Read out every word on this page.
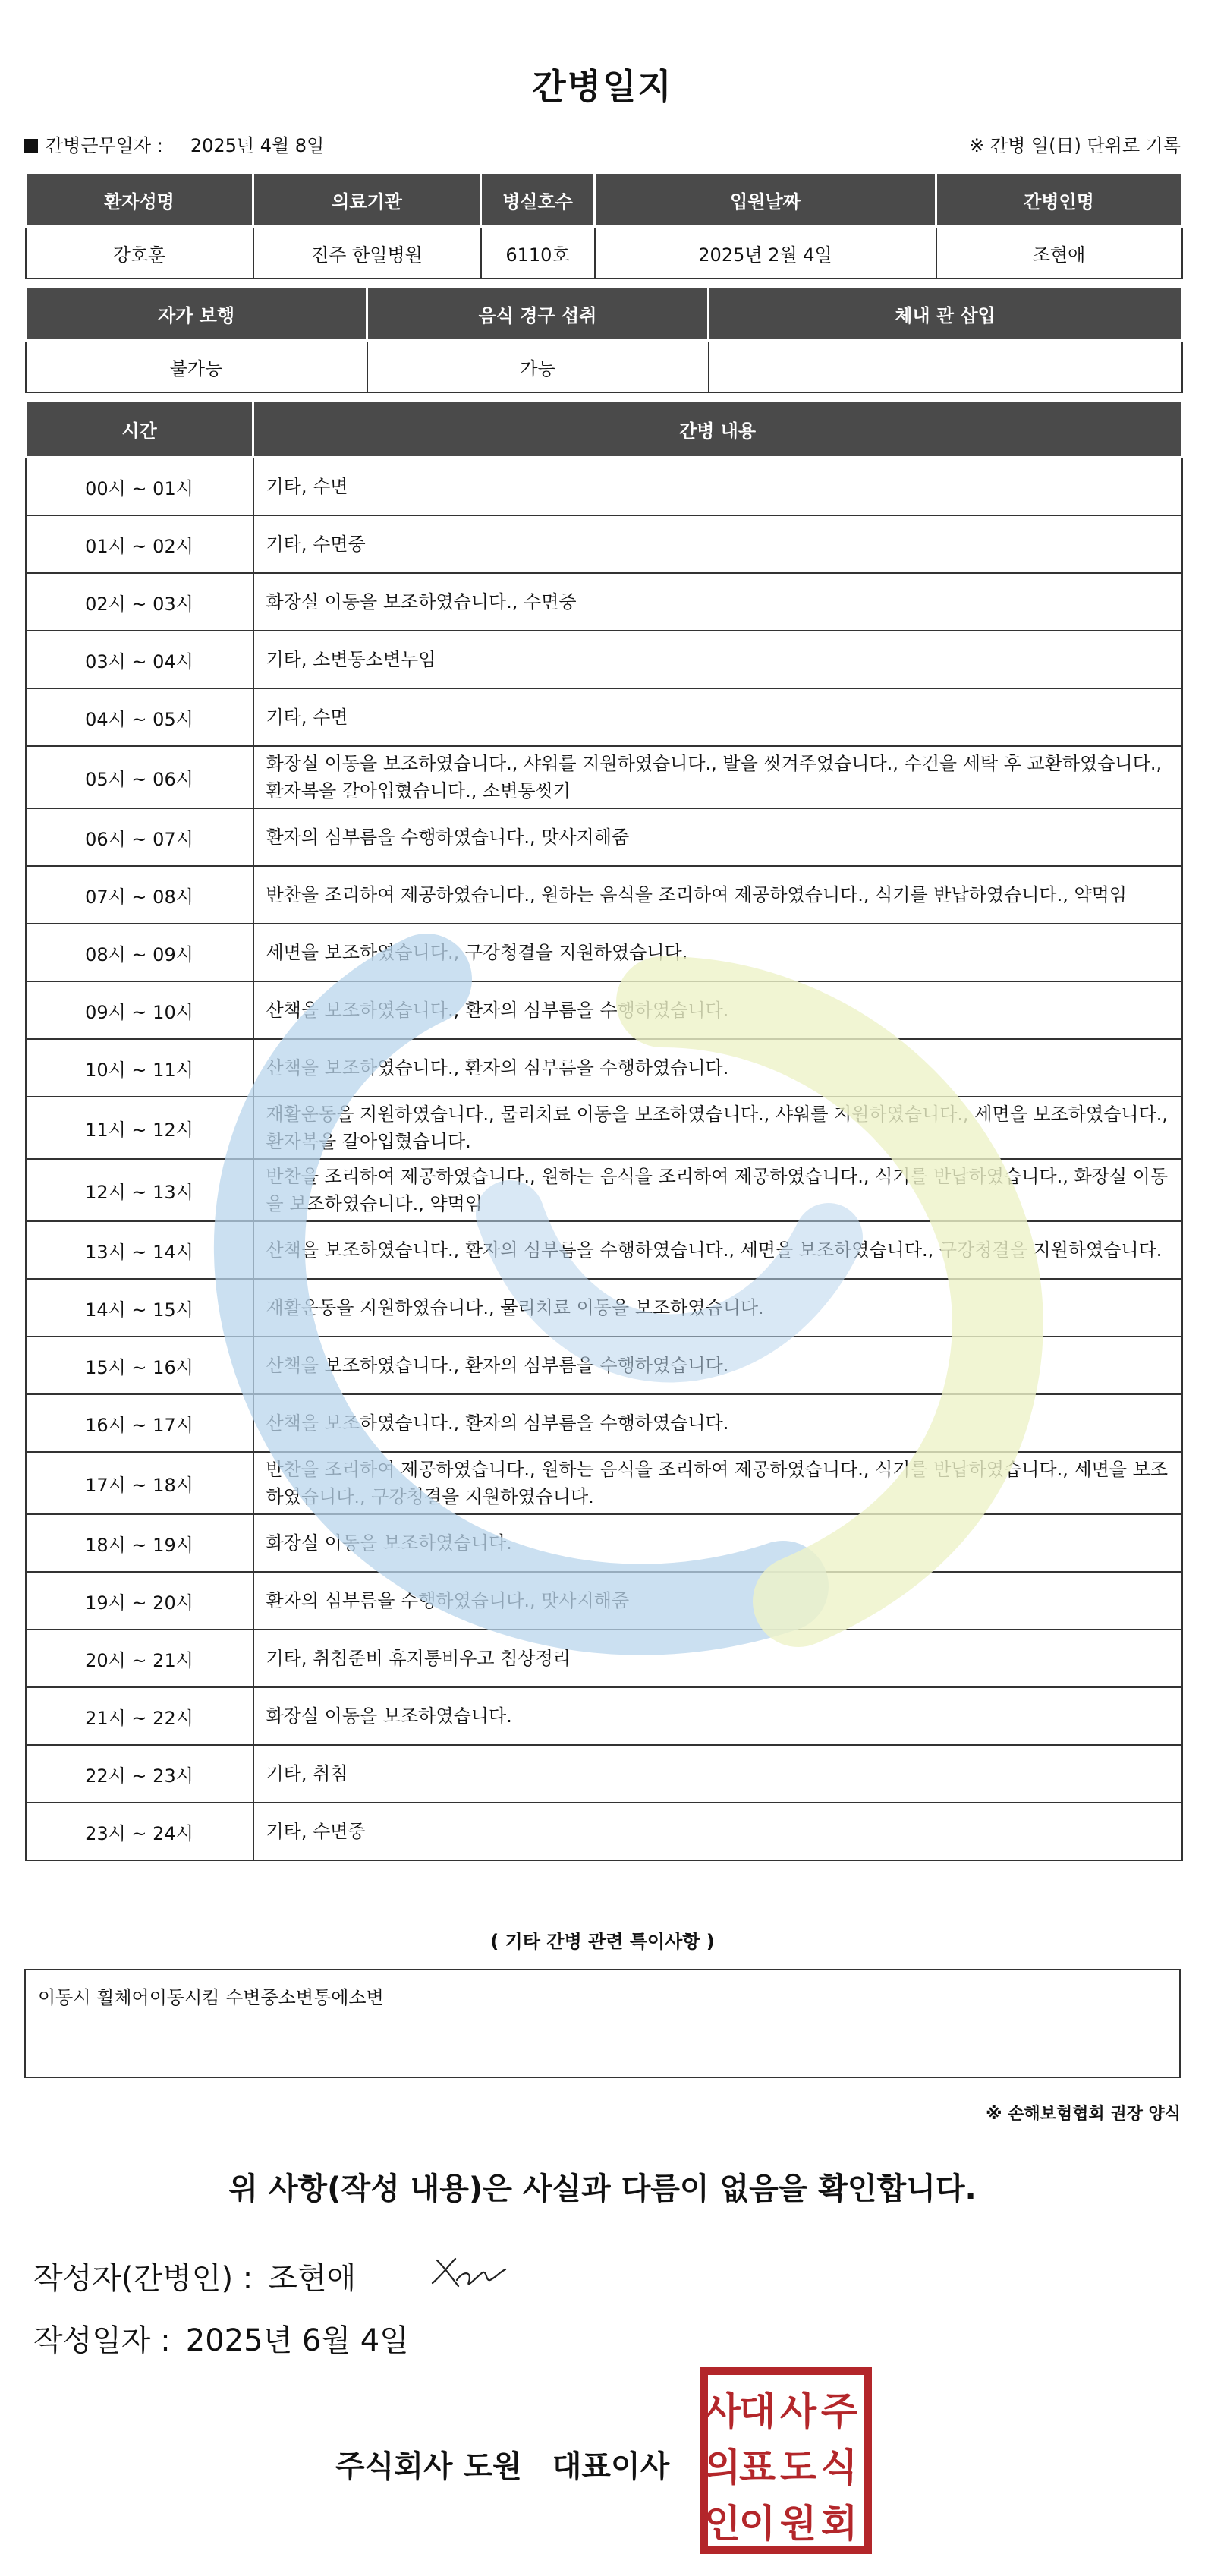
간병일지
간병근무일자 : 2025년 4월 8일	※ 간병 일(日) 단위로 기록
환자성명	의료기관	병실호수	입원날짜	간병인명
강호훈	진주 한일병원	6110호	2025년 2월 4일	조현애
자가 보행	음식 경구 섭취	체내 관 삽입
불가능	가능	
시간	간병 내용
00시 ~ 01시	기타, 수면
01시 ~ 02시	기타, 수면중
02시 ~ 03시	화장실 이동을 보조하였습니다., 수면중
03시 ~ 04시	기타, 소변동소변누임
04시 ~ 05시	기타, 수면
05시 ~ 06시	화장실 이동을 보조하였습니다., 샤워를 지원하였습니다., 발을 씻겨주었습니다., 수건을 세탁 후 교환하였습니다., 환자복을 갈아입혔습니다., 소변통씻기
06시 ~ 07시	환자의 심부름을 수행하였습니다., 맛사지해줌
07시 ~ 08시	반찬을 조리하여 제공하였습니다., 원하는 음식을 조리하여 제공하였습니다., 식기를 반납하였습니다., 약먹임
08시 ~ 09시	세면을 보조하였습니다., 구강청결을 지원하였습니다.
09시 ~ 10시	산책을 보조하였습니다., 환자의 심부름을 수행하였습니다.
10시 ~ 11시	산책을 보조하였습니다., 환자의 심부름을 수행하였습니다.
11시 ~ 12시	재활운동을 지원하였습니다., 물리치료 이동을 보조하였습니다., 샤워를 지원하였습니다., 세면을 보조하였습니다., 환자복을 갈아입혔습니다.
12시 ~ 13시	반찬을 조리하여 제공하였습니다., 원하는 음식을 조리하여 제공하였습니다., 식기를 반납하였습니다., 화장실 이동을 보조하였습니다., 약먹임
13시 ~ 14시	산책을 보조하였습니다., 환자의 심부름을 수행하였습니다., 세면을 보조하였습니다., 구강청결을 지원하였습니다.
14시 ~ 15시	재활운동을 지원하였습니다., 물리치료 이동을 보조하였습니다.
15시 ~ 16시	산책을 보조하였습니다., 환자의 심부름을 수행하였습니다.
16시 ~ 17시	산책을 보조하였습니다., 환자의 심부름을 수행하였습니다.
17시 ~ 18시	반찬을 조리하여 제공하였습니다., 원하는 음식을 조리하여 제공하였습니다., 식기를 반납하였습니다., 세면을 보조하였습니다., 구강청결을 지원하였습니다.
18시 ~ 19시	화장실 이동을 보조하였습니다.
19시 ~ 20시	환자의 심부름을 수행하였습니다., 맛사지해줌
20시 ~ 21시	기타, 취침준비 휴지통비우고 침상정리
21시 ~ 22시	화장실 이동을 보조하였습니다.
22시 ~ 23시	기타, 취침
23시 ~ 24시	기타, 수면중
( 기타 간병 관련 특이사항 )
이동시 휠체어이동시킴 수변중소변통에소변
※ 손해보험협회 권장 양식
위 사항(작성 내용)은 사실과 다름이 없음을 확인합니다.
작성자(간병인) : 조현애
작성일자 : 2025년 6월 4일
주식회사 도원 대표이사
주
식
회
사
도
원
대
표
이
사
의
인
